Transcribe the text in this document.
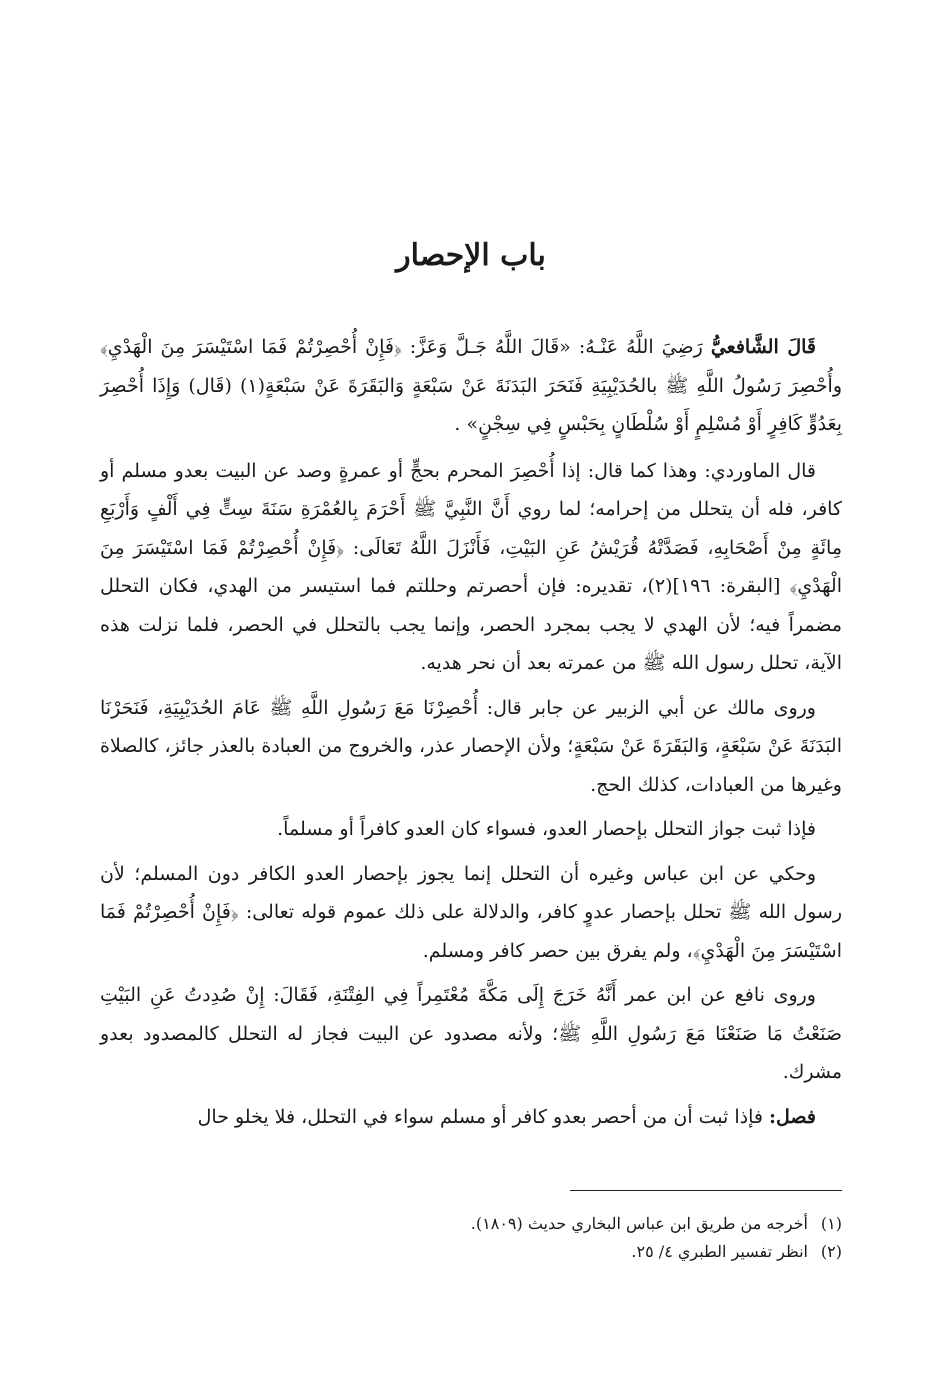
باب الإحصار

قَالَ الشَّافعيُّ رَضِيَ اللَّهُ عَنْـهُ: «قَالَ اللَّهُ جَـلَّ وَعَزَّ: ﴿فَإِنْ أُحْصِرْتُمْ فَمَا اسْتَيْسَرَ مِنَ الْهَدْيِ﴾ وأُحْصِرَ رَسُولُ اللَّهِ ﷺ بالحُدَيْبِيَةِ فَنَحَرَ البَدَنَةَ عَنْ سَبْعَةٍ وَالبَقَرَةَ عَنْ سَبْعَةٍ(١) (قَال) وَإِذَا أُحْصِرَ بِعَدُوٍّ كَافِرٍ أَوْ مُسْلِمٍ أَوْ سُلْطَانٍ بِحَبْسٍ فِي سِجْنٍ» .

قال الماوردي: وهذا كما قال: إذا أُحْصِرَ المحرم بحجٍّ أو عمرةٍ وصد عن البيت بعدو مسلم أو كافر، فله أن يتحلل من إحرامه؛ لما روي أَنَّ النَّبِيَّ ﷺ أَحْرَمَ بِالعُمْرَةِ سَنَةَ سِتٍّ فِي أَلْفٍ وَأَرْبَعِ مِائَةٍ مِنْ أَصْحَابِهِ، فَصَدَّتْهُ قُرَيْشُ عَنِ البَيْتِ، فَأَنْزَلَ اللَّهُ تَعَالَى: ﴿فَإِنْ أُحْصِرْتُمْ فَمَا اسْتَيْسَرَ مِنَ الْهَدْيِ﴾ [البقرة: ١٩٦](٢)، تقديره: فإن أحصرتم وحللتم فما استيسر من الهدي، فكان التحلل مضمراً فيه؛ لأن الهدي لا يجب بمجرد الحصر، وإنما يجب بالتحلل في الحصر، فلما نزلت هذه الآية، تحلل رسول الله ﷺ من عمرته بعد أن نحر هديه.

وروى مالك عن أبي الزبير عن جابر قال: أُحْصِرْنَا مَعَ رَسُولِ اللَّهِ ﷺ عَامَ الحُدَيْبِيَةِ، فَنَحَرْنَا البَدَنَةَ عَنْ سَبْعَةٍ، وَالبَقَرَةَ عَنْ سَبْعَةٍ؛ ولأن الإحصار عذر، والخروج من العبادة بالعذر جائز، كالصلاة وغيرها من العبادات، كذلك الحج.

فإذا ثبت جواز التحلل بإحصار العدو، فسواء كان العدو كافراً أو مسلماً.

وحكي عن ابن عباس وغيره أن التحلل إنما يجوز بإحصار العدو الكافر دون المسلم؛ لأن رسول الله ﷺ تحلل بإحصار عدوٍ كافر، والدلالة على ذلك عموم قوله تعالى: ﴿فَإِنْ أُحْصِرْتُمْ فَمَا اسْتَيْسَرَ مِنَ الْهَدْيِ﴾، ولم يفرق بين حصر كافر ومسلم.

وروى نافع عن ابن عمر أَنَّهُ خَرَجَ إِلَى مَكَّةَ مُعْتَمِراً فِي الفِتْنَةِ، فَقَالَ: إِنْ صُدِدتُ عَنِ البَيْتِ صَنَعْتُ مَا صَنَعْنَا مَعَ رَسُولِ اللَّهِ ﷺ؛ ولأنه مصدود عن البيت فجاز له التحلل كالمصدود بعدو مشرك.

فصل: فإذا ثبت أن من أحصر بعدو كافر أو مسلم سواء في التحلل، فلا يخلو حال

(١)أخرجه من طريق ابن عباس البخاري حديث (١٨٠٩).

(٢)انظر تفسير الطبري ٤/ ٢٥.
